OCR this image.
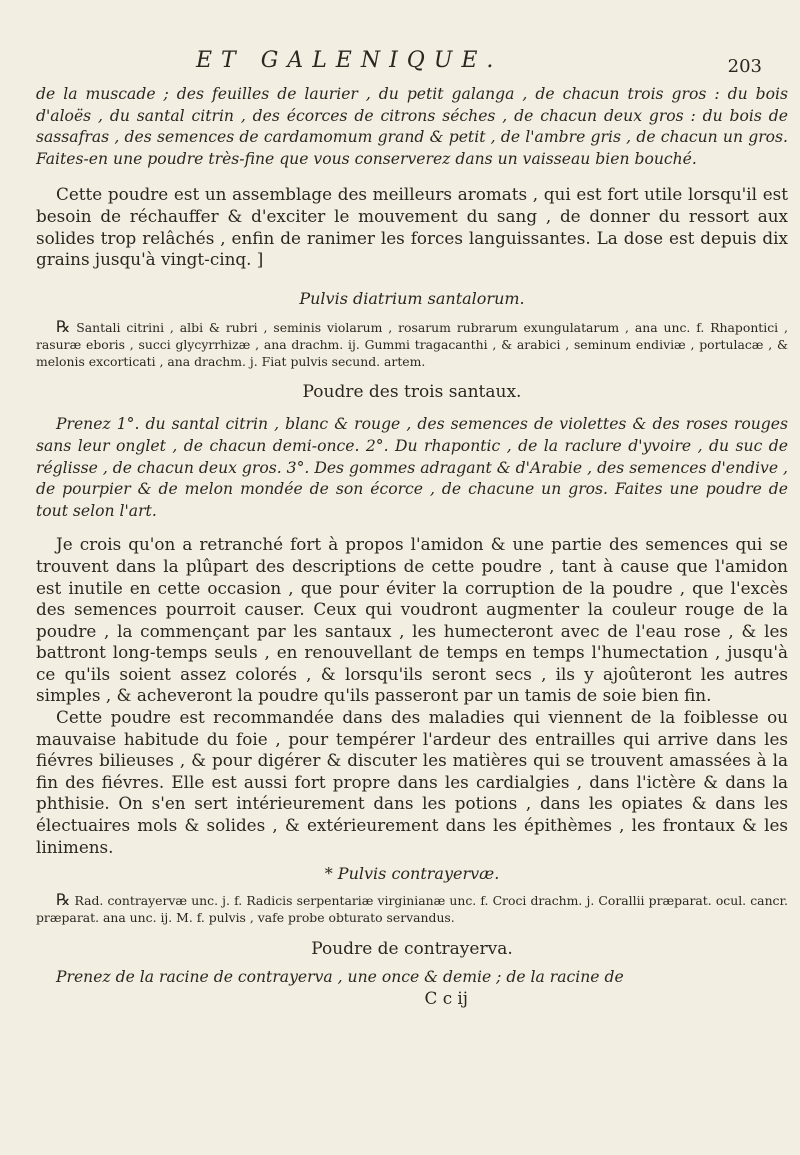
ET GALENIQUE.	203

de la muscade ; des feuilles de laurier , du petit galanga , de chacun trois gros : du bois d'aloës , du santal citrin , des écorces de citrons séches , de chacun deux gros : du bois de sassafras , des semences de cardamomum grand & petit , de l'ambre gris , de chacun un gros. Faites-en une poudre très-fine que vous conserverez dans un vaisseau bien bouché.

Cette poudre est un assemblage des meilleurs aromats , qui est fort utile lorsqu'il est besoin de réchauffer & d'exciter le mouvement du sang , de donner du ressort aux solides trop relâchés , enfin de ranimer les forces languissantes. La dose est depuis dix grains jusqu'à vingt-cinq. ]

Pulvis diatrium santalorum.

℞ Santali citrini , albi & rubri , seminis violarum , rosarum rubrarum exungulatarum , ana unc. f. Rhapontici , rasuræ eboris , succi glycyrrhizæ , ana drachm. ij. Gummi tragacanthi , & arabici , seminum endiviæ , portulacæ , & melonis excorticati , ana drachm. j. Fiat pulvis secund. artem.

Poudre des trois santaux.

Prenez 1°. du santal citrin , blanc & rouge , des semences de violettes & des roses rouges sans leur onglet , de chacun demi-once. 2°. Du rhapontic , de la raclure d'yvoire , du suc de réglisse , de chacun deux gros. 3°. Des gommes adragant & d'Arabie , des semences d'endive , de pourpier & de melon mondée de son écorce , de chacune un gros. Faites une poudre de tout selon l'art.

Je crois qu'on a retranché fort à propos l'amidon & une partie des semences qui se trouvent dans la plûpart des descriptions de cette poudre , tant à cause que l'amidon est inutile en cette occasion , que pour éviter la corruption de la poudre , que l'excès des semences pourroit causer. Ceux qui voudront augmenter la couleur rouge de la poudre , la commençant par les santaux , les humecteront avec de l'eau rose , & les battront long-temps seuls , en renouvellant de temps en temps l'humectation , jusqu'à ce qu'ils soient assez colorés , & lorsqu'ils seront secs , ils y ajoûteront les autres simples , & acheveront la poudre qu'ils passeront par un tamis de soie bien fin.

Cette poudre est recommandée dans des maladies qui viennent de la foiblesse ou mauvaise habitude du foie , pour tempérer l'ardeur des entrailles qui arrive dans les fiévres bilieuses , & pour digérer & discuter les matières qui se trouvent amassées à la fin des fiévres. Elle est aussi fort propre dans les cardialgies , dans l'ictère & dans la phthisie. On s'en sert intérieurement dans les potions , dans les opiates & dans les électuaires mols & solides , & extérieurement dans les épithèmes , les frontaux & les linimens.

* Pulvis contrayervæ.

℞ Rad. contrayervæ unc. j. f. Radicis serpentariæ virginianæ unc. f. Croci drachm. j. Corallii præparat. ocul. cancr. præparat. ana unc. ij. M. f. pulvis , vafe probe obturato servandus.

Poudre de contrayerva.

Prenez de la racine de contrayerva , une once & demie ; de la racine de

C c ij
